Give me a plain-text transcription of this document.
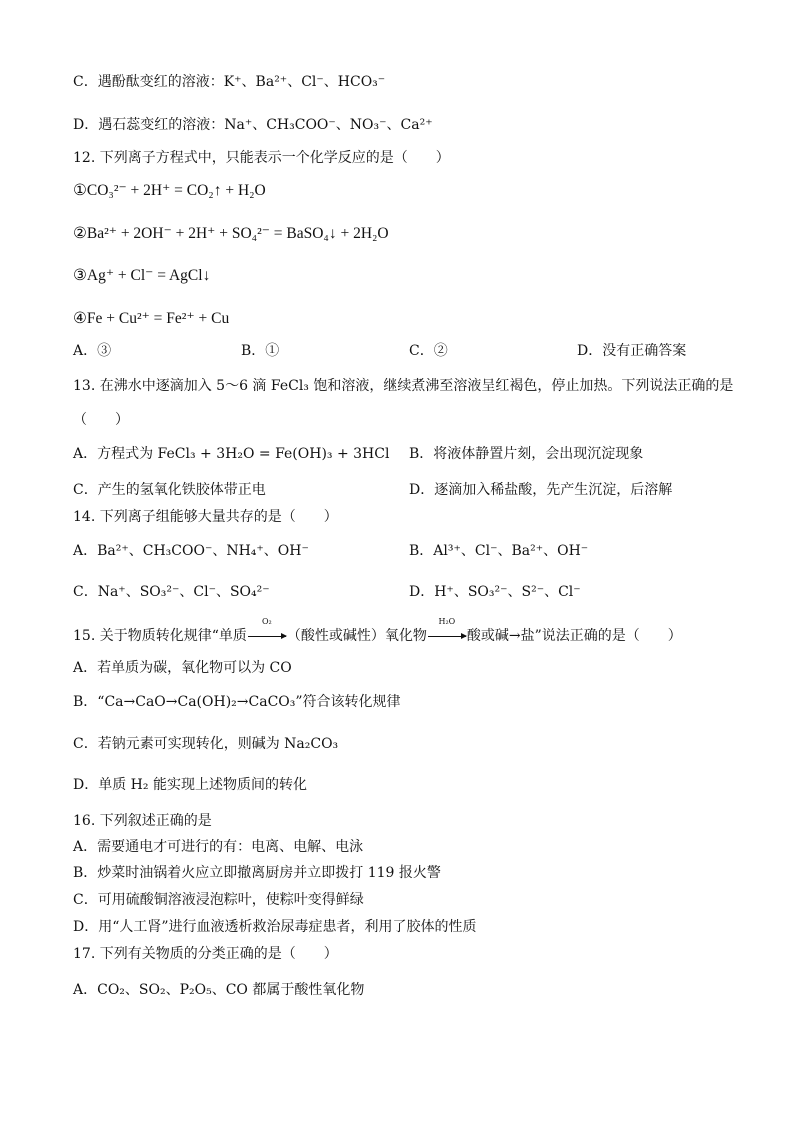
C．遇酚酞变红的溶液：K⁺、Ba²⁺、Cl⁻、HCO₃⁻
D．遇石蕊变红的溶液：Na⁺、CH₃COO⁻、NO₃⁻、Ca²⁺
12. 下列离子方程式中，只能表示一个化学反应的是（　　）
①CO₃²⁻ + 2H⁺ = CO₂↑ + H₂O
②Ba²⁺ + 2OH⁻ + 2H⁺ + SO₄²⁻ = BaSO₄↓ + 2H₂O
③Ag⁺ + Cl⁻ = AgCl↓
④Fe + Cu²⁺ = Fe²⁺ + Cu
A．③	B．①	C．②	D．没有正确答案
13. 在沸水中逐滴加入 5～6 滴 FeCl₃ 饱和溶液，继续煮沸至溶液呈红褐色，停止加热。下列说法正确的是
（　　）
A．方程式为 FeCl₃ + 3H₂O = Fe(OH)₃ + 3HCl B．将液体静置片刻，会出现沉淀现象
C．产生的氢氧化铁胶体带正电	D．逐滴加入稀盐酸，先产生沉淀，后溶解
14. 下列离子组能够大量共存的是（　　）
A．Ba²⁺、CH₃COO⁻、NH₄⁺、OH⁻	B．Al³⁺、Cl⁻、Ba²⁺、OH⁻
C．Na⁺、SO₃²⁻、Cl⁻、SO₄²⁻	D．H⁺、SO₃²⁻、S²⁻、Cl⁻
15. 关于物质转化规律“单质
O₂
（酸性或碱性）氧化物
H₂O
酸或碱→盐”说法正确的是（　　）
A．若单质为碳，氧化物可以为 CO
B．“Ca→CaO→Ca(OH)₂→CaCO₃”符合该转化规律
C．若钠元素可实现转化，则碱为 Na₂CO₃
D．单质 H₂ 能实现上述物质间的转化
16. 下列叙述正确的是
A．需要通电才可进行的有：电离、电解、电泳
B．炒菜时油锅着火应立即撤离厨房并立即拨打 119 报火警
C．可用硫酸铜溶液浸泡粽叶，使粽叶变得鲜绿
D．用“人工肾”进行血液透析救治尿毒症患者，利用了胶体的性质
17. 下列有关物质的分类正确的是（　　）
A．CO₂、SO₂、P₂O₅、CO 都属于酸性氧化物
